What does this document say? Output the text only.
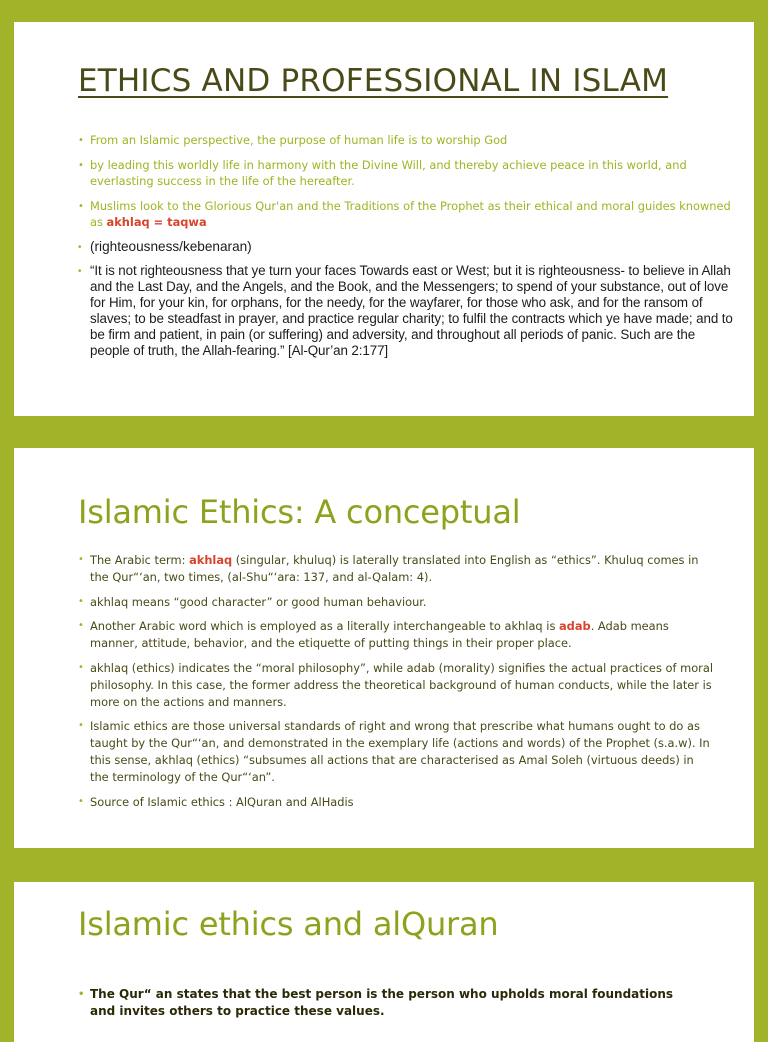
ETHICS AND PROFESSIONAL IN ISLAM
• From an Islamic perspective, the purpose of human life is to worship God
• by leading this worldly life in harmony with the Divine Will, and thereby achieve peace in this world, and everlasting success in the life of the hereafter.
• Muslims look to the Glorious Qur'an and the Traditions of the Prophet as their ethical and moral guides knowned as akhlaq = taqwa
• (righteousness/kebenaran)
• “It is not righteousness that ye turn your faces Towards east or West; but it is righteousness- to believe in Allah and the Last Day, and the Angels, and the Book, and the Messengers; to spend of your substance, out of love for Him, for your kin, for orphans, for the needy, for the wayfarer, for those who ask, and for the ransom of slaves; to be steadfast in prayer, and practice regular charity; to fulfil the contracts which ye have made; and to be firm and patient, in pain (or suffering) and adversity, and throughout all periods of panic. Such are the people of truth, the Allah-fearing.” [Al-Qur’an 2:177]
Islamic Ethics: A conceptual
• The Arabic term: akhlaq (singular, khuluq) is laterally translated into English as “ethics”. Khuluq comes in the Qur“‘an, two times, (al-Shu“‘ara: 137, and al-Qalam: 4).
• akhlaq means “good character” or good human behaviour.
• Another Arabic word which is employed as a literally interchangeable to akhlaq is adab. Adab means manner, attitude, behavior, and the etiquette of putting things in their proper place.
• akhlaq (ethics) indicates the “moral philosophy”, while adab (morality) signifies the actual practices of moral philosophy. In this case, the former address the theoretical background of human conducts, while the later is more on the actions and manners.
• Islamic ethics are those universal standards of right and wrong that prescribe what humans ought to do as taught by the Qur“‘an, and demonstrated in the exemplary life (actions and words) of the Prophet (s.a.w). In this sense, akhlaq (ethics) “subsumes all actions that are characterised as Amal Soleh (virtuous deeds) in the terminology of the Qur“‘an”.
• Source of Islamic ethics : AlQuran and AlHadis
Islamic ethics and alQuran
• The Qur“ an states that the best person is the person who upholds moral foundations and invites others to practice these values.
